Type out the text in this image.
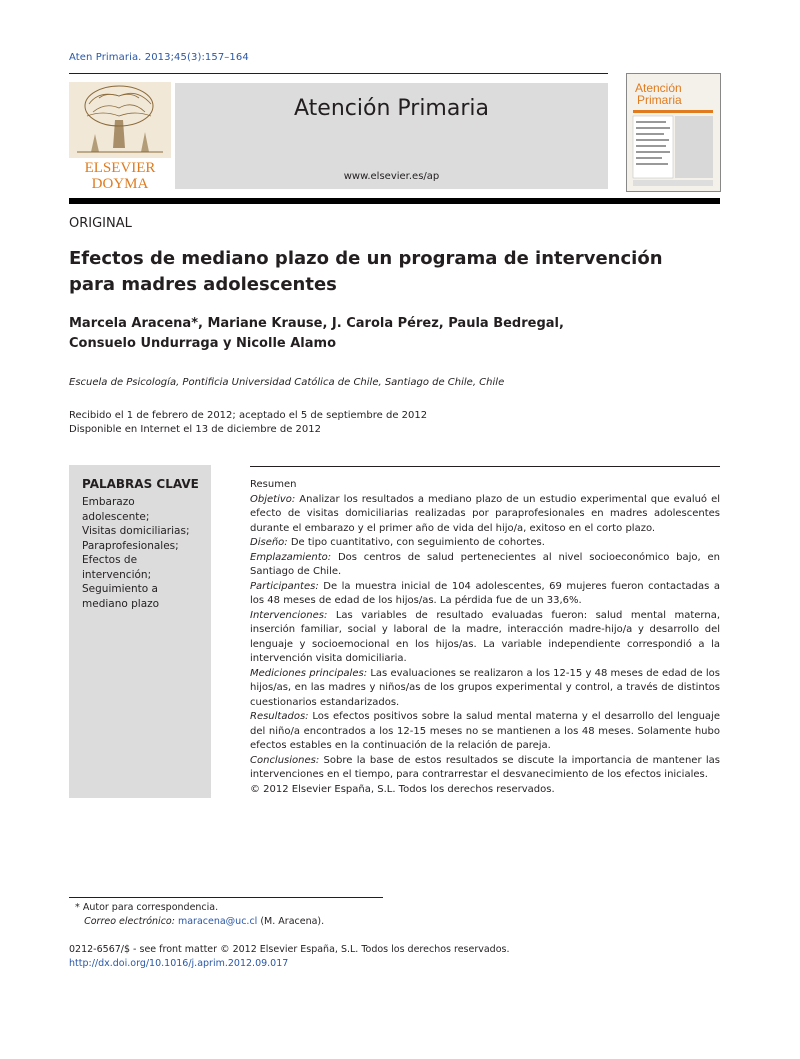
Aten Primaria. 2013;45(3):157–164
ELSEVIER
DOYMA
Atención Primaria
www.elsevier.es/ap
Atención
Primaria
ORIGINAL
Efectos de mediano plazo de un programa de intervención
para madres adolescentes
Marcela Aracena*, Mariane Krause, J. Carola Pérez, Paula Bedregal,
Consuelo Undurraga y Nicolle Alamo
Escuela de Psicología, Pontificia Universidad Católica de Chile, Santiago de Chile, Chile
Recibido el 1 de febrero de 2012; aceptado el 5 de septiembre de 2012
Disponible en Internet el 13 de diciembre de 2012
PALABRAS CLAVE
Embarazo adolescente;
Visitas domiciliarias;
Paraprofesionales;
Efectos de intervención;
Seguimiento a mediano plazo
Resumen

Objetivo: Analizar los resultados a mediano plazo de un estudio experimental que evaluó el efecto de visitas domiciliarias realizadas por paraprofesionales en madres adolescentes durante el embarazo y el primer año de vida del hijo/a, exitoso en el corto plazo.

Diseño: De tipo cuantitativo, con seguimiento de cohortes.

Emplazamiento: Dos centros de salud pertenecientes al nivel socioeconómico bajo, en Santiago de Chile.

Participantes: De la muestra inicial de 104 adolescentes, 69 mujeres fueron contactadas a los 48 meses de edad de los hijos/as. La pérdida fue de un 33,6%.

Intervenciones: Las variables de resultado evaluadas fueron: salud mental materna, inserción familiar, social y laboral de la madre, interacción madre-hijo/a y desarrollo del lenguaje y socioemocional en los hijos/as. La variable independiente correspondió a la intervención visita domiciliaria.

Mediciones principales: Las evaluaciones se realizaron a los 12-15 y 48 meses de edad de los hijos/as, en las madres y niños/as de los grupos experimental y control, a través de distintos cuestionarios estandarizados.

Resultados: Los efectos positivos sobre la salud mental materna y el desarrollo del lenguaje del niño/a encontrados a los 12-15 meses no se mantienen a los 48 meses. Solamente hubo efectos estables en la continuación de la relación de pareja.

Conclusiones: Sobre la base de estos resultados se discute la importancia de mantener las intervenciones en el tiempo, para contrarrestar el desvanecimiento de los efectos iniciales.

© 2012 Elsevier España, S.L. Todos los derechos reservados.

* Autor para correspondencia.
Correo electrónico: maracena@uc.cl (M. Aracena).
0212-6567/$ - see front matter © 2012 Elsevier España, S.L. Todos los derechos reservados.
http://dx.doi.org/10.1016/j.aprim.2012.09.017
